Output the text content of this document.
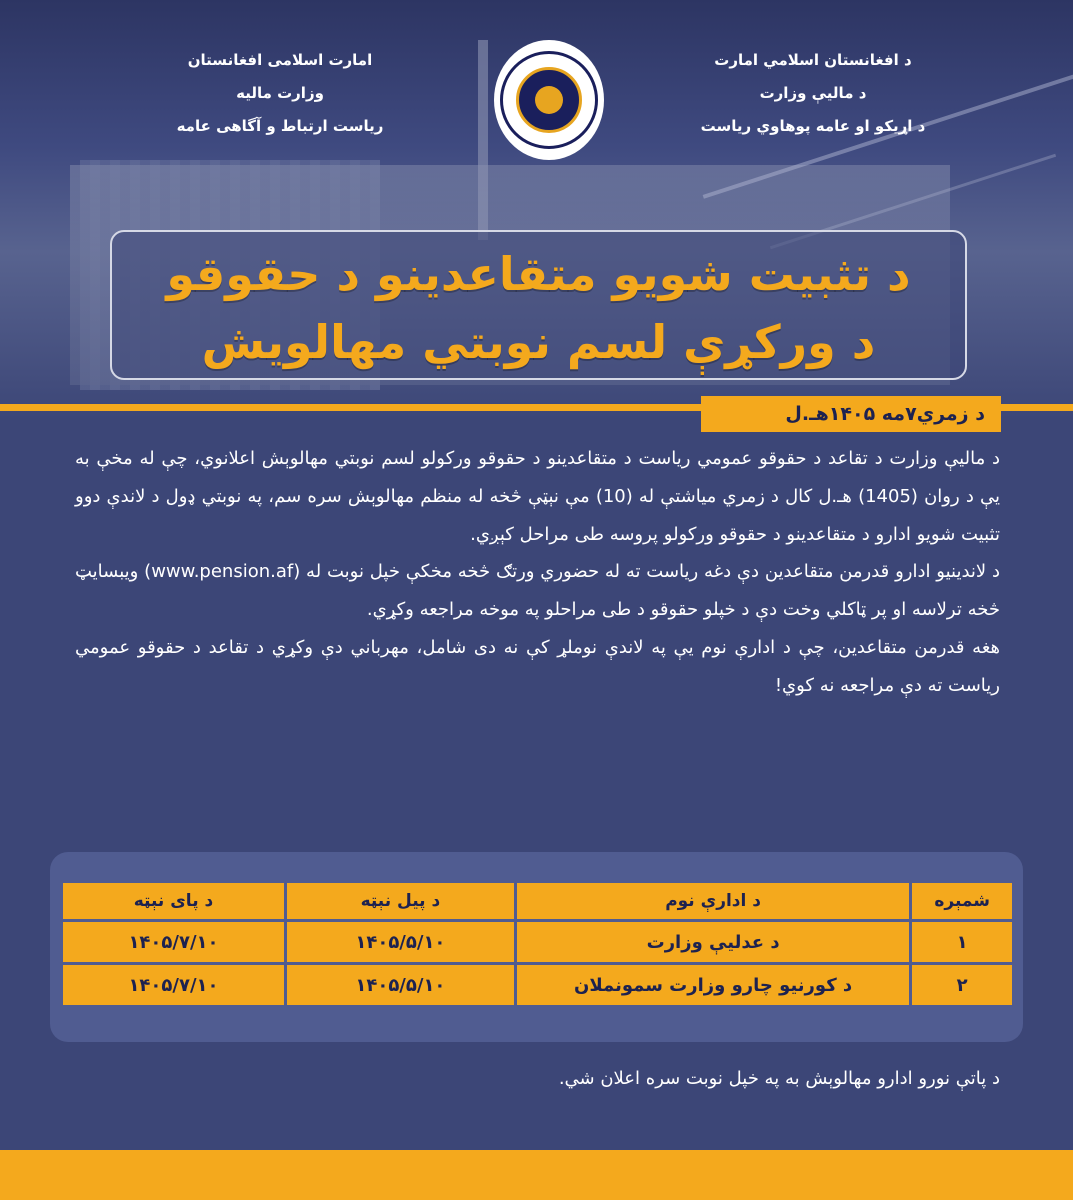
د افغانستان اسلامي امارت
د ماليې وزارت
د اړيکو او عامه پوهاوي رياست
امارت اسلامی افغانستان
وزارت ماليه
رياست ارتباط و آگاهی عامه
د تثبيت شويو متقاعدينو د حقوقو
د ورکړې لسم نوبتي مهالويش
د زمري۷مه ۱۴۰۵هـ.ل

د ماليې وزارت د تقاعد د حقوقو عمومي رياست د متقاعدينو د حقوقو ورکولو لسم نوبتي مهالوېش اعلانوي، چې له مخې به يې د روان (1405) هـ.ل کال د زمري مياشتې له (10) مې نېټې څخه له منظم مهالوېش سره سم، په نوبتي ډول د لاندې دوو تثبيت شويو ادارو د متقاعدينو د حقوقو ورکولو پروسه طی مراحل کېږي.

د لاندينيو ادارو قدرمن متقاعدين دې دغه رياست ته له حضوري ورتګ څخه مخکې خپل نوبت له (www.pension.af) ويبسايټ څخه ترلاسه او پر ټاکلي وخت دې د خپلو حقوقو د طی مراحلو په موخه مراجعه وکړي.

هغه قدرمن متقاعدين، چې د ادارې نوم يې په لاندې نوملړ کې نه دی شامل، مهرباني دې وکړي د تقاعد د حقوقو عمومي رياست ته دې مراجعه نه کوي!

شمېره	د ادارې نوم	د پيل نېټه	د پای نېټه
۱	د عدليې وزارت	۱۴۰۵/۵/۱۰	۱۴۰۵/۷/۱۰
۲	د کورنيو چارو وزارت سمونملان	۱۴۰۵/۵/۱۰	۱۴۰۵/۷/۱۰
د پاتې نورو ادارو مهالوېش به په خپل نوبت سره اعلان شي.
